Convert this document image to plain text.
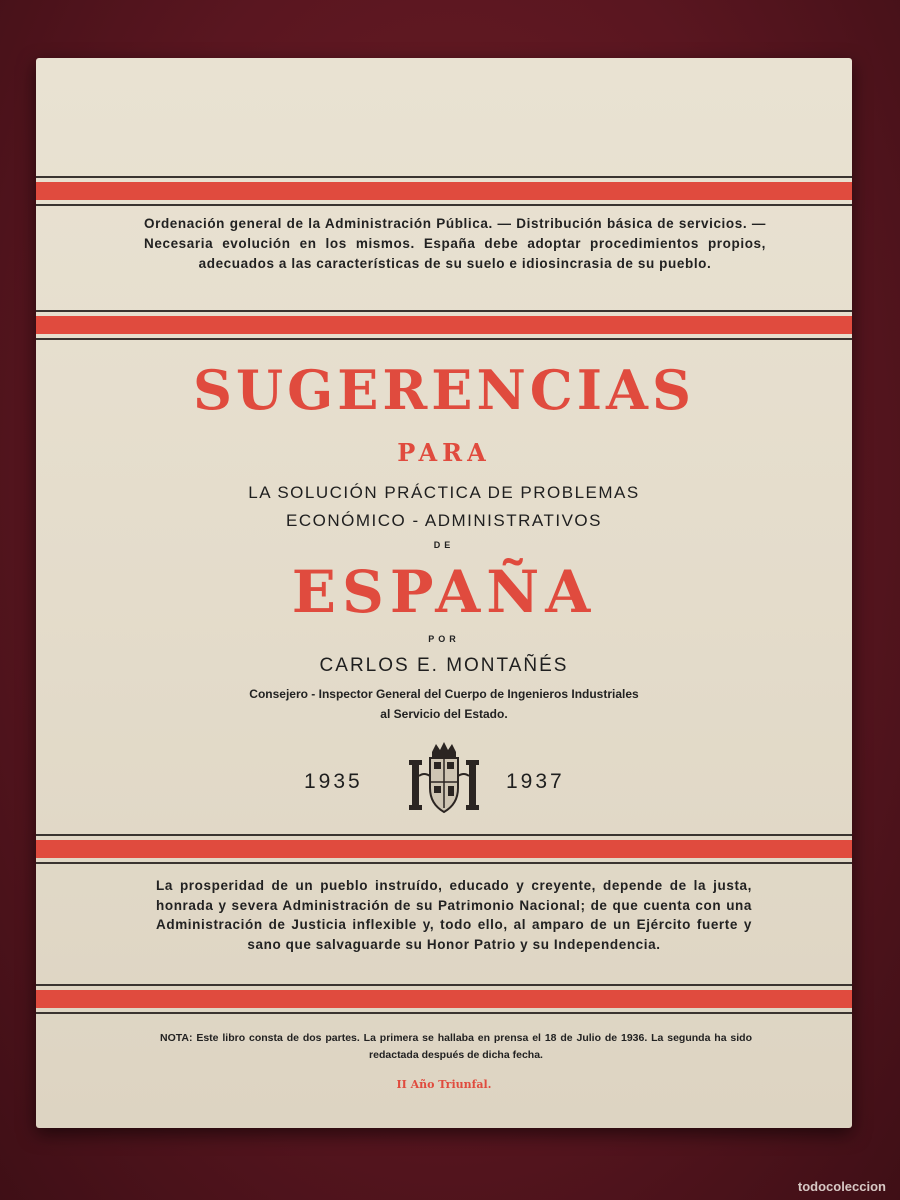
Ordenación general de la Administración Pública. — Distribución básica de servicios. — Necesaria evolución en los mismos. España debe adoptar procedimientos propios, adecuados a las características de su suelo e idiosincrasia de su pueblo.
SUGERENCIAS
PARA
LA SOLUCIÓN PRÁCTICA DE PROBLEMAS
ECONÓMICO - ADMINISTRATIVOS
DE
ESPAÑA
POR
CARLOS E. MONTAÑÉS
Consejero - Inspector General del Cuerpo de Ingenieros Industriales
al Servicio del Estado.
1935	1937
La prosperidad de un pueblo instruído, educado y creyente, depende de la justa, honrada y severa Administración de su Patrimonio Nacional; de que cuenta con una Administración de Justicia inflexible y, todo ello, al amparo de un Ejército fuerte y sano que salvaguarde su Honor Patrio y su Independencia.
NOTA: Este libro consta de dos partes. La primera se hallaba en prensa el 18 de Julio de 1936. La segunda ha sido redactada después de dicha fecha.
II Año Triunfal.
todocoleccion
